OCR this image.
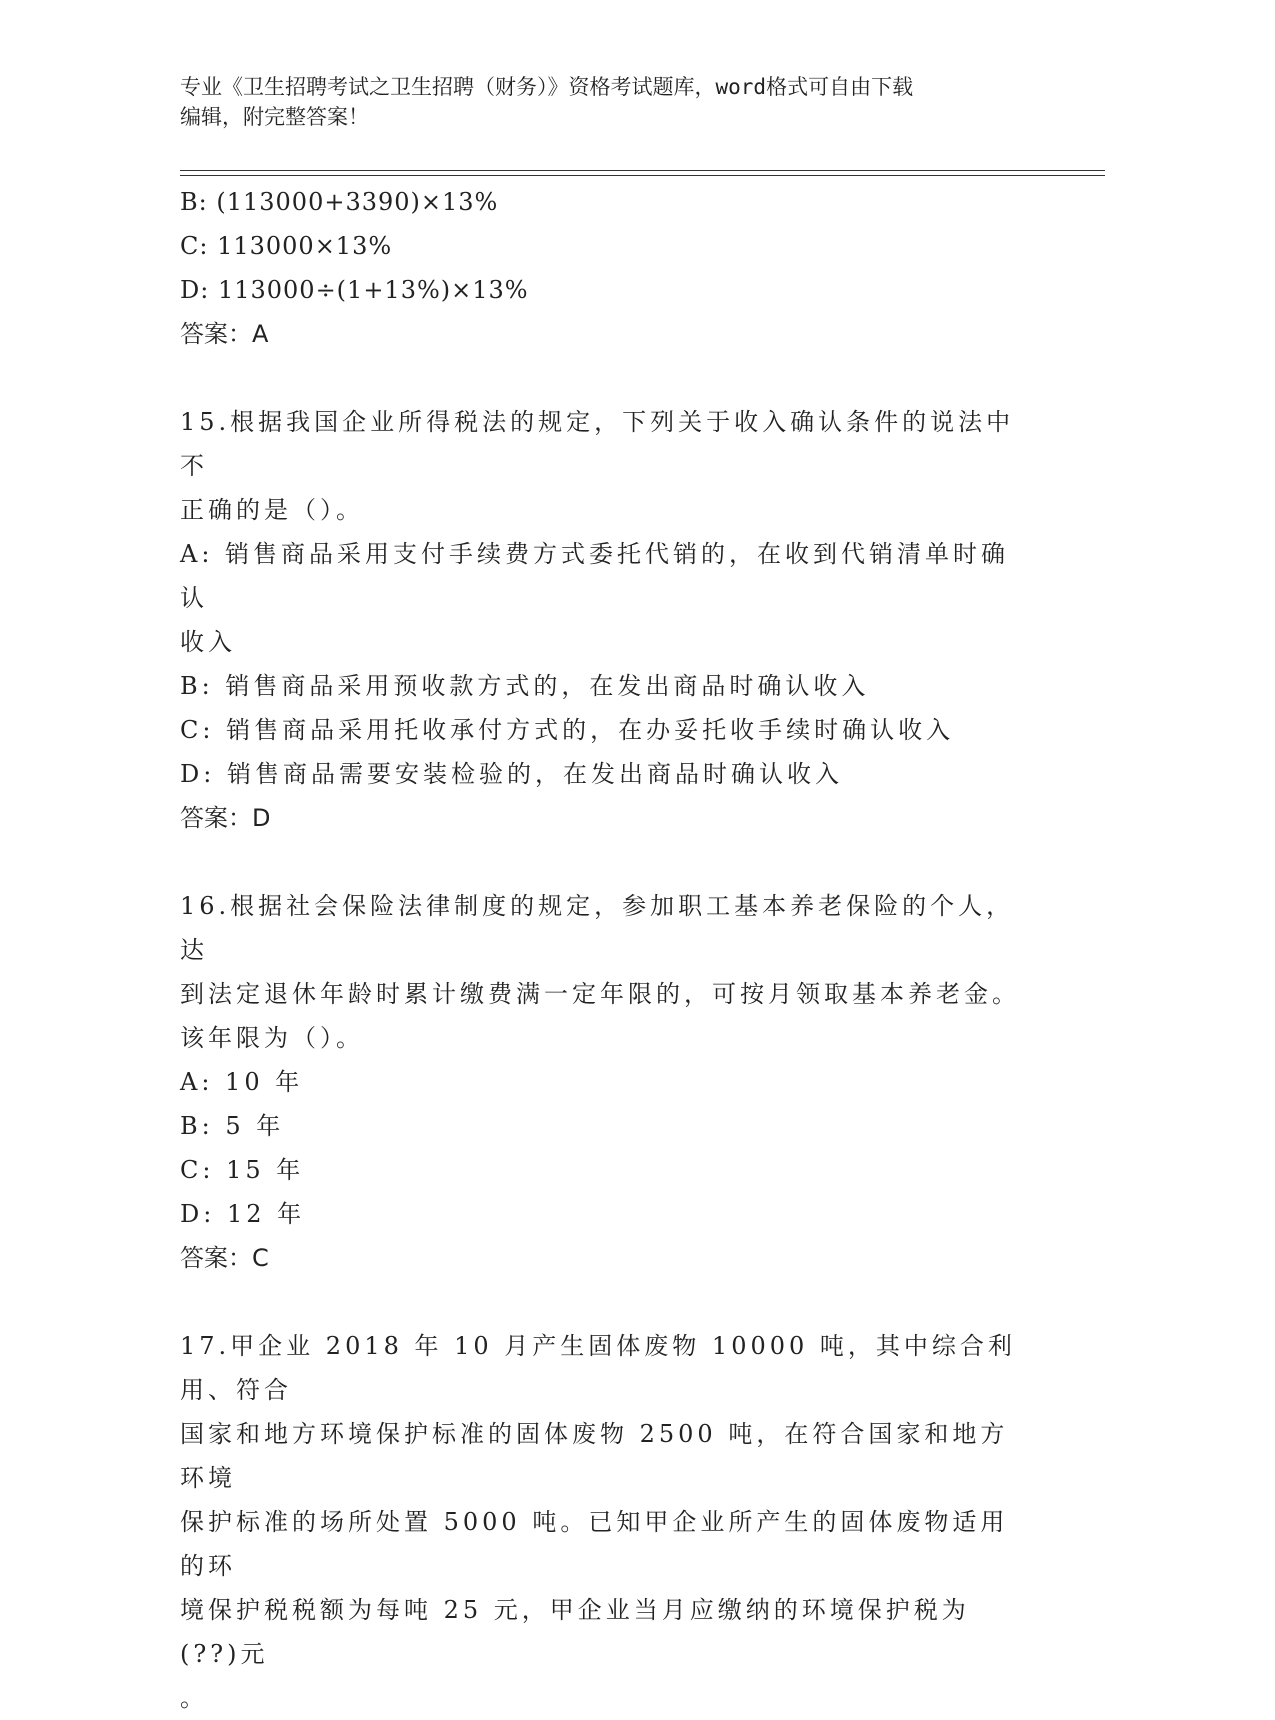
专业《卫生招聘考试之卫生招聘（财务）》资格考试题库，word格式可自由下载
编辑，附完整答案！
B: (113000+3390)×13%
C: 113000×13%
D: 113000÷(1+13%)×13%
答案：A
15.根据我国企业所得税法的规定，下列关于收入确认条件的说法中不
正确的是（）。
A: 销售商品采用支付手续费方式委托代销的，在收到代销清单时确认
收入
B: 销售商品采用预收款方式的，在发出商品时确认收入
C: 销售商品采用托收承付方式的，在办妥托收手续时确认收入
D: 销售商品需要安装检验的，在发出商品时确认收入
答案：D
16.根据社会保险法律制度的规定，参加职工基本养老保险的个人，达
到法定退休年龄时累计缴费满一定年限的，可按月领取基本养老金。
该年限为（）。
A: 10 年
B: 5 年
C: 15 年
D: 12 年
答案：C
17.甲企业 2018 年 10 月产生固体废物 10000 吨，其中综合利用、符合
国家和地方环境保护标准的固体废物 2500 吨，在符合国家和地方环境
保护标准的场所处置 5000 吨。已知甲企业所产生的固体废物适用的环
境保护税税额为每吨 25 元，甲企业当月应缴纳的环境保护税为(??)元
。
